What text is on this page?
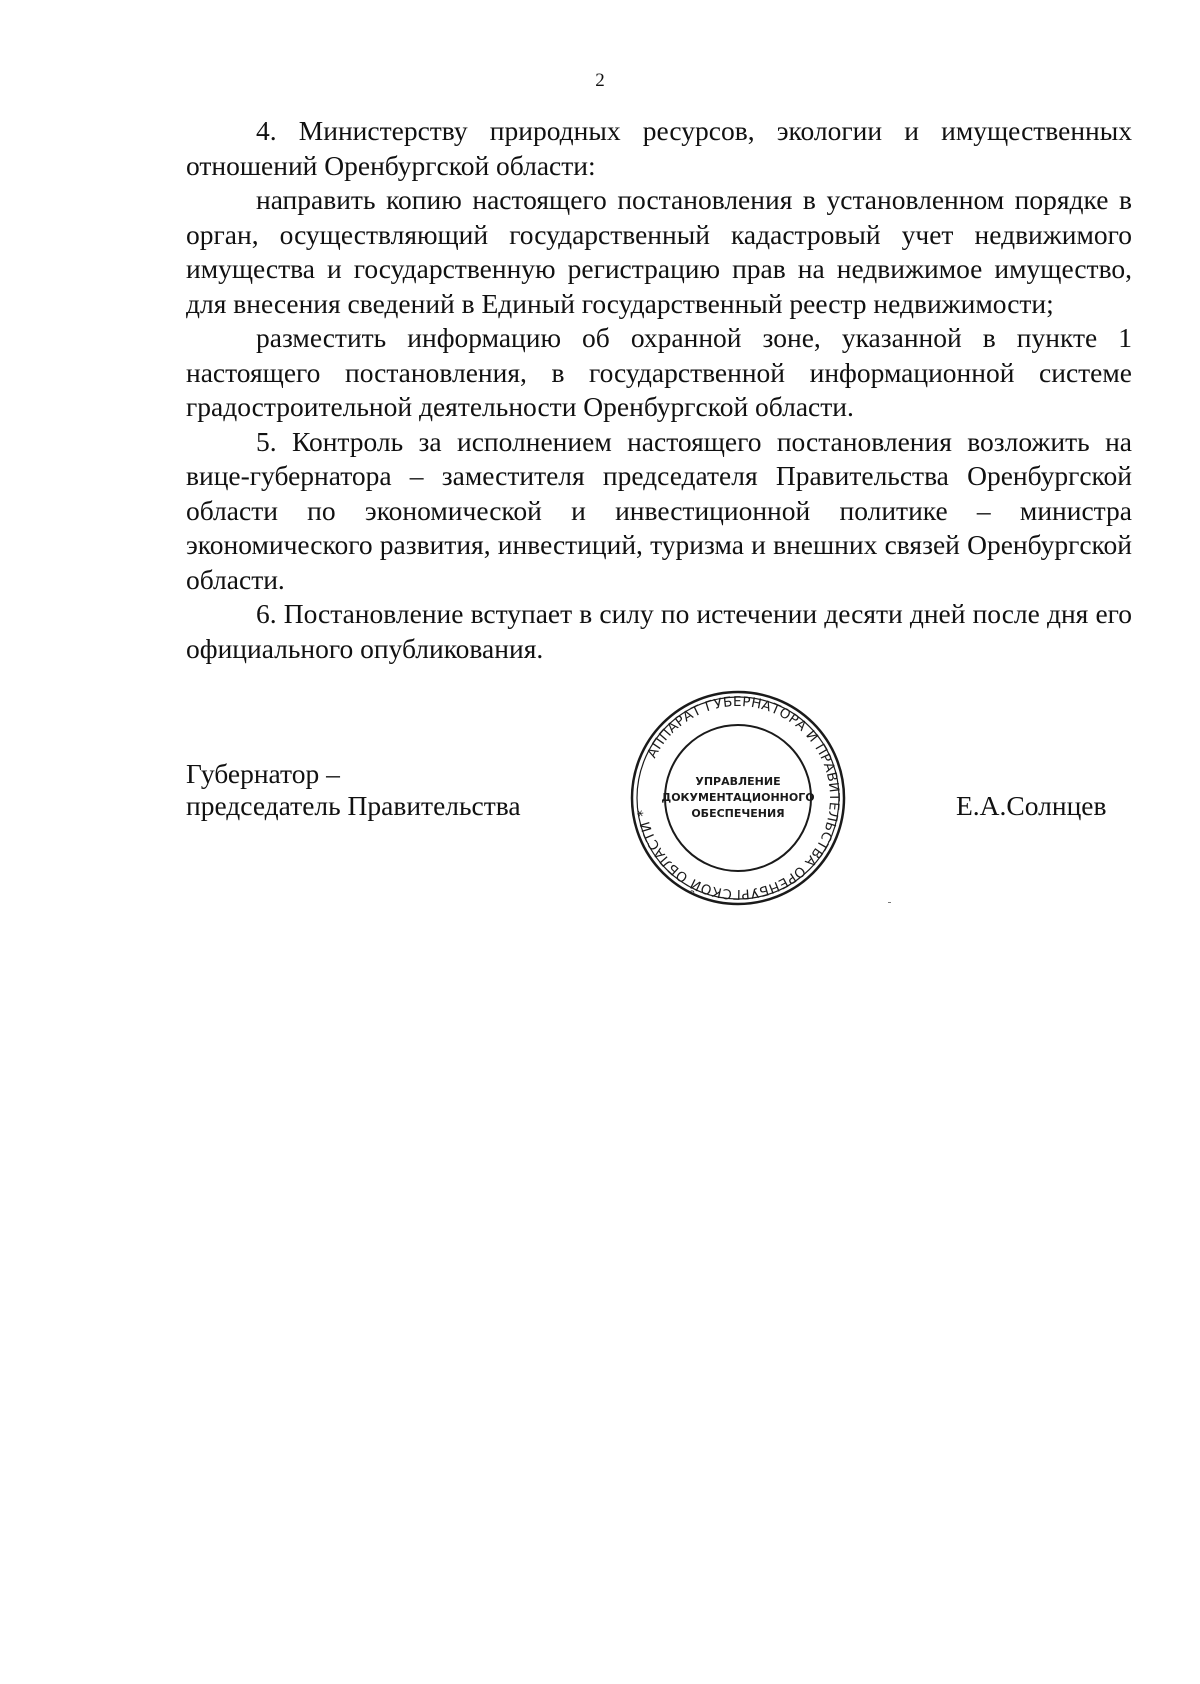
2

4. Министерству природных ресурсов, экологии и имущественных отношений Оренбургской области:

направить копию настоящего постановления в установленном порядке в орган, осуществляющий государственный кадастровый учет недвижимого имущества и государственную регистрацию прав на недвижимое имущество, для внесения сведений в Единый государственный реестр недвижимости;

разместить информацию об охранной зоне, указанной в пункте 1 настоящего постановления, в государственной информационной системе градостроительной деятельности Оренбургской области.

5. Контроль за исполнением настоящего постановления возложить на вице-губернатора – заместителя председателя Правительства Оренбургской области по экономической и инвестиционной политике – министра экономического развития, инвестиций, туризма и внешних связей Оренбургской области.

6. Постановление вступает в силу по истечении десяти дней после дня его официального опубликования.

Губернатор –
председатель Правительства
АППАРАТ ГУБЕРНАТОРА И ПРАВИТЕЛЬСТВА ОРЕНБУРГСКОЙ ОБЛАСТИ *
УПРАВЛЕНИЕ
ДОКУМЕНТАЦИОННОГО
ОБЕСПЕЧЕНИЯ	Е.А.Солнцев
